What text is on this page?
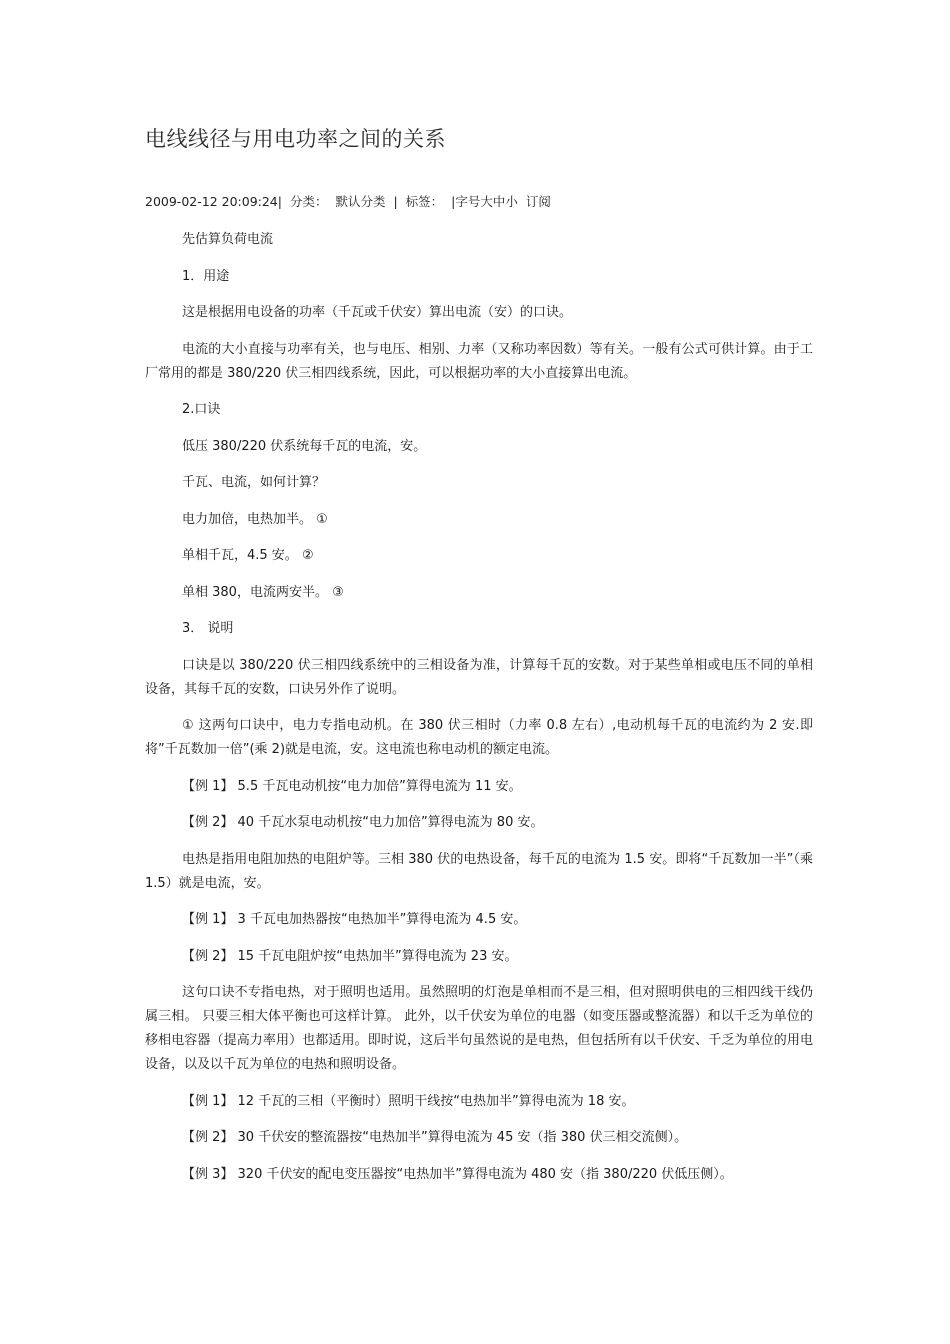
电线线径与用电功率之间的关系
2009-02-12 20:09:24| 分类： 默认分类 | 标签： |字号大中小 订阅

先估算负荷电流

1．用途

这是根据用电设备的功率（千瓦或千伏安）算出电流（安）的口诀。

电流的大小直接与功率有关，也与电压、相别、力率（又称功率因数）等有关。一般有公式可供计算。由于工厂常用的都是 380/220 伏三相四线系统，因此，可以根据功率的大小直接算出电流。

2.口诀

低压 380/220 伏系统每千瓦的电流，安。

千瓦、电流，如何计算？

电力加倍，电热加半。 ①

单相千瓦，4.5 安。 ②

单相 380，电流两安半。 ③

3． 说明

口诀是以 380/220 伏三相四线系统中的三相设备为准，计算每千瓦的安数。对于某些单相或电压不同的单相设备，其每千瓦的安数，口诀另外作了说明。

① 这两句口诀中，电力专指电动机。在 380 伏三相时（力率 0.8 左右）,电动机每千瓦的电流约为 2 安.即将”千瓦数加一倍”(乘 2)就是电流，安。这电流也称电动机的额定电流。

【例 1】 5.5 千瓦电动机按“电力加倍”算得电流为 11 安。

【例 2】 40 千瓦水泵电动机按“电力加倍”算得电流为 80 安。

电热是指用电阻加热的电阻炉等。三相 380 伏的电热设备，每千瓦的电流为 1.5 安。即将“千瓦数加一半”（乘 1.5）就是电流，安。

【例 1】 3 千瓦电加热器按“电热加半”算得电流为 4.5 安。

【例 2】 15 千瓦电阻炉按“电热加半”算得电流为 23 安。

这句口诀不专指电热，对于照明也适用。虽然照明的灯泡是单相而不是三相，但对照明供电的三相四线干线仍属三相。 只要三相大体平衡也可这样计算。 此外，以千伏安为单位的电器（如变压器或整流器）和以千乏为单位的移相电容器（提高力率用）也都适用。即时说，这后半句虽然说的是电热，但包括所有以千伏安、千乏为单位的用电设备，以及以千瓦为单位的电热和照明设备。

【例 1】 12 千瓦的三相（平衡时）照明干线按“电热加半”算得电流为 18 安。

【例 2】 30 千伏安的整流器按“电热加半”算得电流为 45 安（指 380 伏三相交流侧）。

【例 3】 320 千伏安的配电变压器按“电热加半”算得电流为 480 安（指 380/220 伏低压侧）。
